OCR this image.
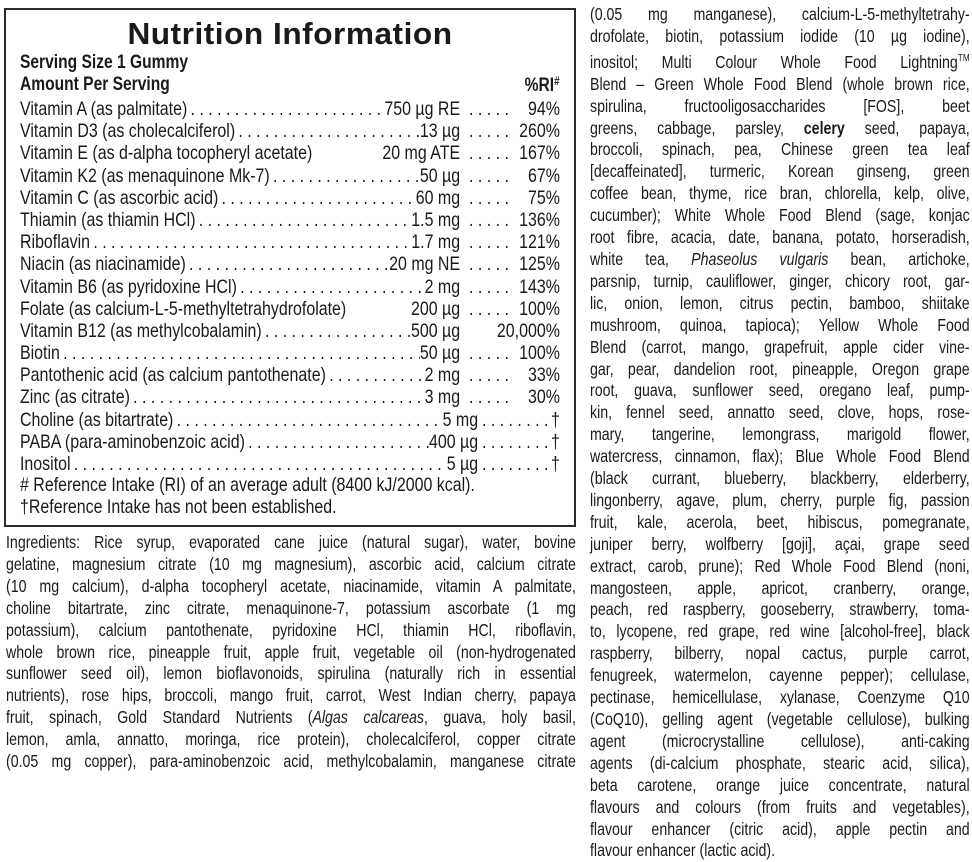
Nutrition Information
Serving Size 1 Gummy
Amount Per Serving	%RI#
Vitamin A (as palmitate) . . .	750 µg RE . . .	94%
Vitamin D3 (as cholecalciferol) . . .	13 µg . . .	260%
Vitamin E (as d-alpha tocopheryl acetate)	20 mg ATE . . .	167%
Vitamin K2 (as menaquinone Mk-7) . . .	50 µg . . .	67%
Vitamin C (as ascorbic acid) . . .	60 mg . . .	75%
Thiamin (as thiamin HCl) . . .	1.5 mg . . .	136%
Riboflavin . . .	1.7 mg . . .	121%
Niacin (as niacinamide) . . .	20 mg NE . . .	125%
Vitamin B6 (as pyridoxine HCl) . . .	2 mg . . .	143%
Folate (as calcium-L-5-methyltetrahydrofolate)	200 µg . . .	100%
Vitamin B12 (as methylcobalamin) . . .	500 µg	20,000%
Biotin . . .	50 µg . . .	100%
Pantothenic acid (as calcium pantothenate) . . .	2 mg . . .	33%
Zinc (as citrate) . . .	3 mg . . .	30%
Choline (as bitartrate) . . .	5 mg . . .	†
PABA (para-aminobenzoic acid) . . .	400 µg . . .	†
Inositol . . .	5 µg . . .	†
# Reference Intake (RI) of an average adult (8400 kJ/2000 kcal).
†Reference Intake has not been established.
Ingredients: Rice syrup, evaporated cane juice (natural sugar), water, bovine
gelatine, magnesium citrate (10 mg magnesium), ascorbic acid, calcium citrate
(10 mg calcium), d-alpha tocopheryl acetate, niacinamide, vitamin A palmitate,
choline bitartrate, zinc citrate, menaquinone-7, potassium ascorbate (1 mg
potassium), calcium pantothenate, pyridoxine HCl, thiamin HCl, riboflavin,
whole brown rice, pineapple fruit, apple fruit, vegetable oil (non-hydrogenated
sunflower seed oil), lemon bioflavonoids, spirulina (naturally rich in essential
nutrients), rose hips, broccoli, mango fruit, carrot, West Indian cherry, papaya
fruit, spinach, Gold Standard Nutrients (Algas calcareas, guava, holy basil,
lemon, amla, annatto, moringa, rice protein), cholecalciferol, copper citrate
(0.05 mg copper), para-aminobenzoic acid, methylcobalamin, manganese citrate
(0.05 mg manganese), calcium-L-5-methyltetrahy-
drofolate, biotin, potassium iodide (10 µg iodine),
inositol; Multi Colour Whole Food Lightning™
Blend – Green Whole Food Blend (whole brown rice,
spirulina, fructooligosaccharides [FOS], beet
greens, cabbage, parsley, celery seed, papaya,
broccoli, spinach, pea, Chinese green tea leaf
[decaffeinated], turmeric, Korean ginseng, green
coffee bean, thyme, rice bran, chlorella, kelp, olive,
cucumber); White Whole Food Blend (sage, konjac
root fibre, acacia, date, banana, potato, horseradish,
white tea, Phaseolus vulgaris bean, artichoke,
parsnip, turnip, cauliflower, ginger, chicory root, gar-
lic, onion, lemon, citrus pectin, bamboo, shiitake
mushroom, quinoa, tapioca); Yellow Whole Food
Blend (carrot, mango, grapefruit, apple cider vine-
gar, pear, dandelion root, pineapple, Oregon grape
root, guava, sunflower seed, oregano leaf, pump-
kin, fennel seed, annatto seed, clove, hops, rose-
mary, tangerine, lemongrass, marigold flower,
watercress, cinnamon, flax); Blue Whole Food Blend
(black currant, blueberry, blackberry, elderberry,
lingonberry, agave, plum, cherry, purple fig, passion
fruit, kale, acerola, beet, hibiscus, pomegranate,
juniper berry, wolfberry [goji], açai, grape seed
extract, carob, prune); Red Whole Food Blend (noni,
mangosteen, apple, apricot, cranberry, orange,
peach, red raspberry, gooseberry, strawberry, toma-
to, lycopene, red grape, red wine [alcohol-free], black
raspberry, bilberry, nopal cactus, purple carrot,
fenugreek, watermelon, cayenne pepper); cellulase,
pectinase, hemicellulase, xylanase, Coenzyme Q10
(CoQ10), gelling agent (vegetable cellulose), bulking
agent (microcrystalline cellulose), anti-caking
agents (di-calcium phosphate, stearic acid, silica),
beta carotene, orange juice concentrate, natural
flavours and colours (from fruits and vegetables),
flavour enhancer (citric acid), apple pectin and
flavour enhancer (lactic acid).
